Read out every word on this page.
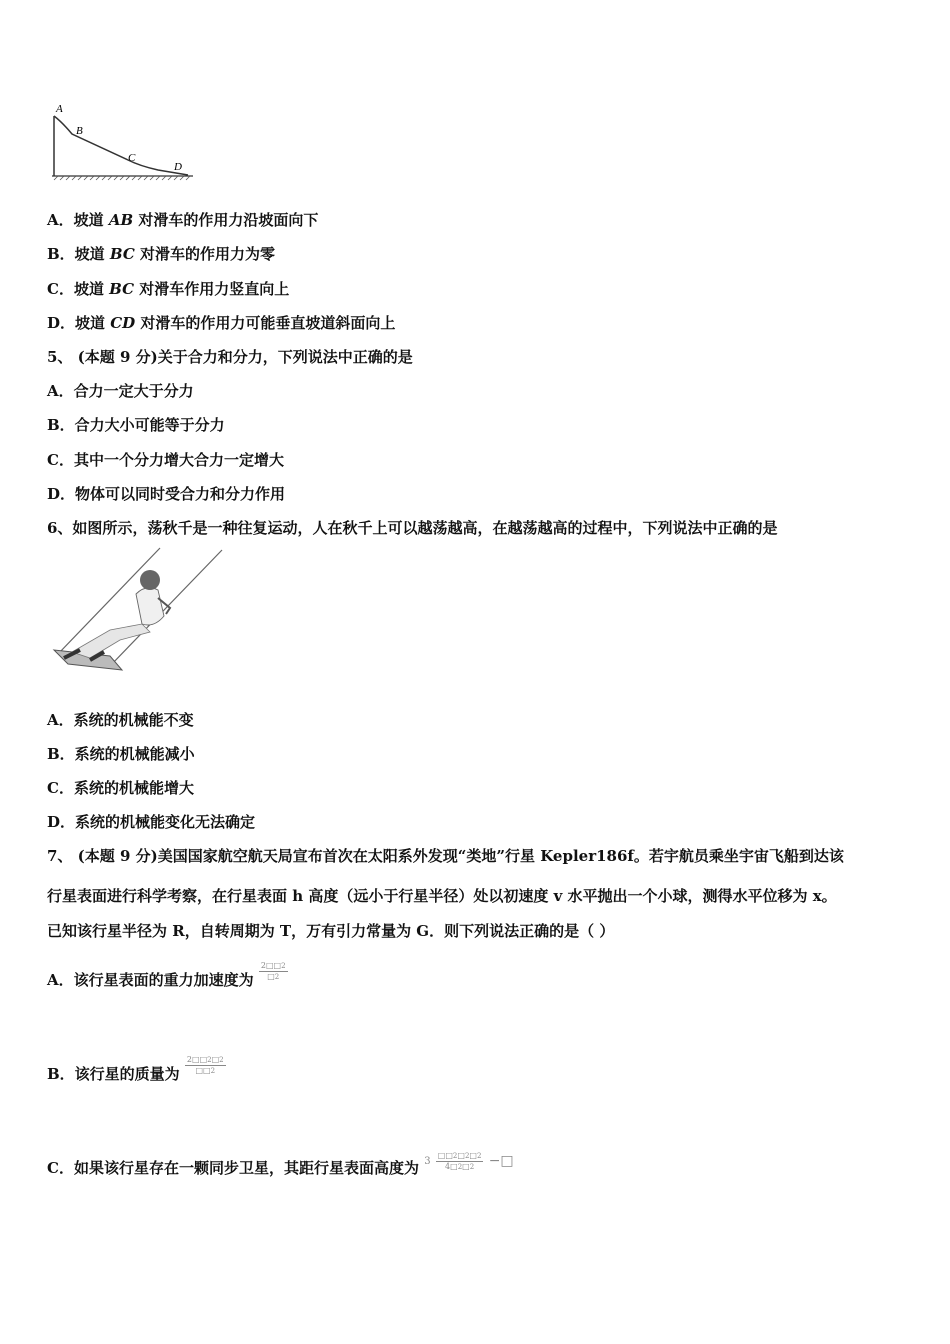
A
B
C
D
A．坡道 AB 对滑车的作用力沿坡面向下
B．坡道 BC 对滑车的作用力为零
C．坡道 BC 对滑车作用力竖直向上
D．坡道 CD 对滑车的作用力可能垂直坡道斜面向上
5、 (本题 9 分)关于合力和分力，下列说法中正确的是
A．合力一定大于分力
B．合力大小可能等于分力
C．其中一个分力增大合力一定增大
D．物体可以同时受合力和分力作用
6、如图所示，荡秋千是一种往复运动，人在秋千上可以越荡越高，在越荡越高的过程中，下列说法中正确的是
A．系统的机械能不变
B．系统的机械能减小
C．系统的机械能增大
D．系统的机械能变化无法确定
7、 (本题 9 分)美国国家航空航天局宣布首次在太阳系外发现“类地”行星 Kepler186f。若宇航员乘坐宇宙飞船到达该
行星表面进行科学考察，在行星表面 h 高度（远小于行星半径）处以初速度 v 水平抛出一个小球，测得水平位移为 x。
已知该行星半径为 R，自转周期为 T，万有引力常量为 G．则下列说法正确的是（ ）
A．该行星表面的重力加速度为 $\frac{2□□2}{□2}$
B．该行星的质量为 $\frac{2□□2□2}{□□2}$
C．如果该行星存在一颗同步卫星，其距行星表面高度为 $^3 \frac{□□2□2□2}{4□2□2}$ −□
